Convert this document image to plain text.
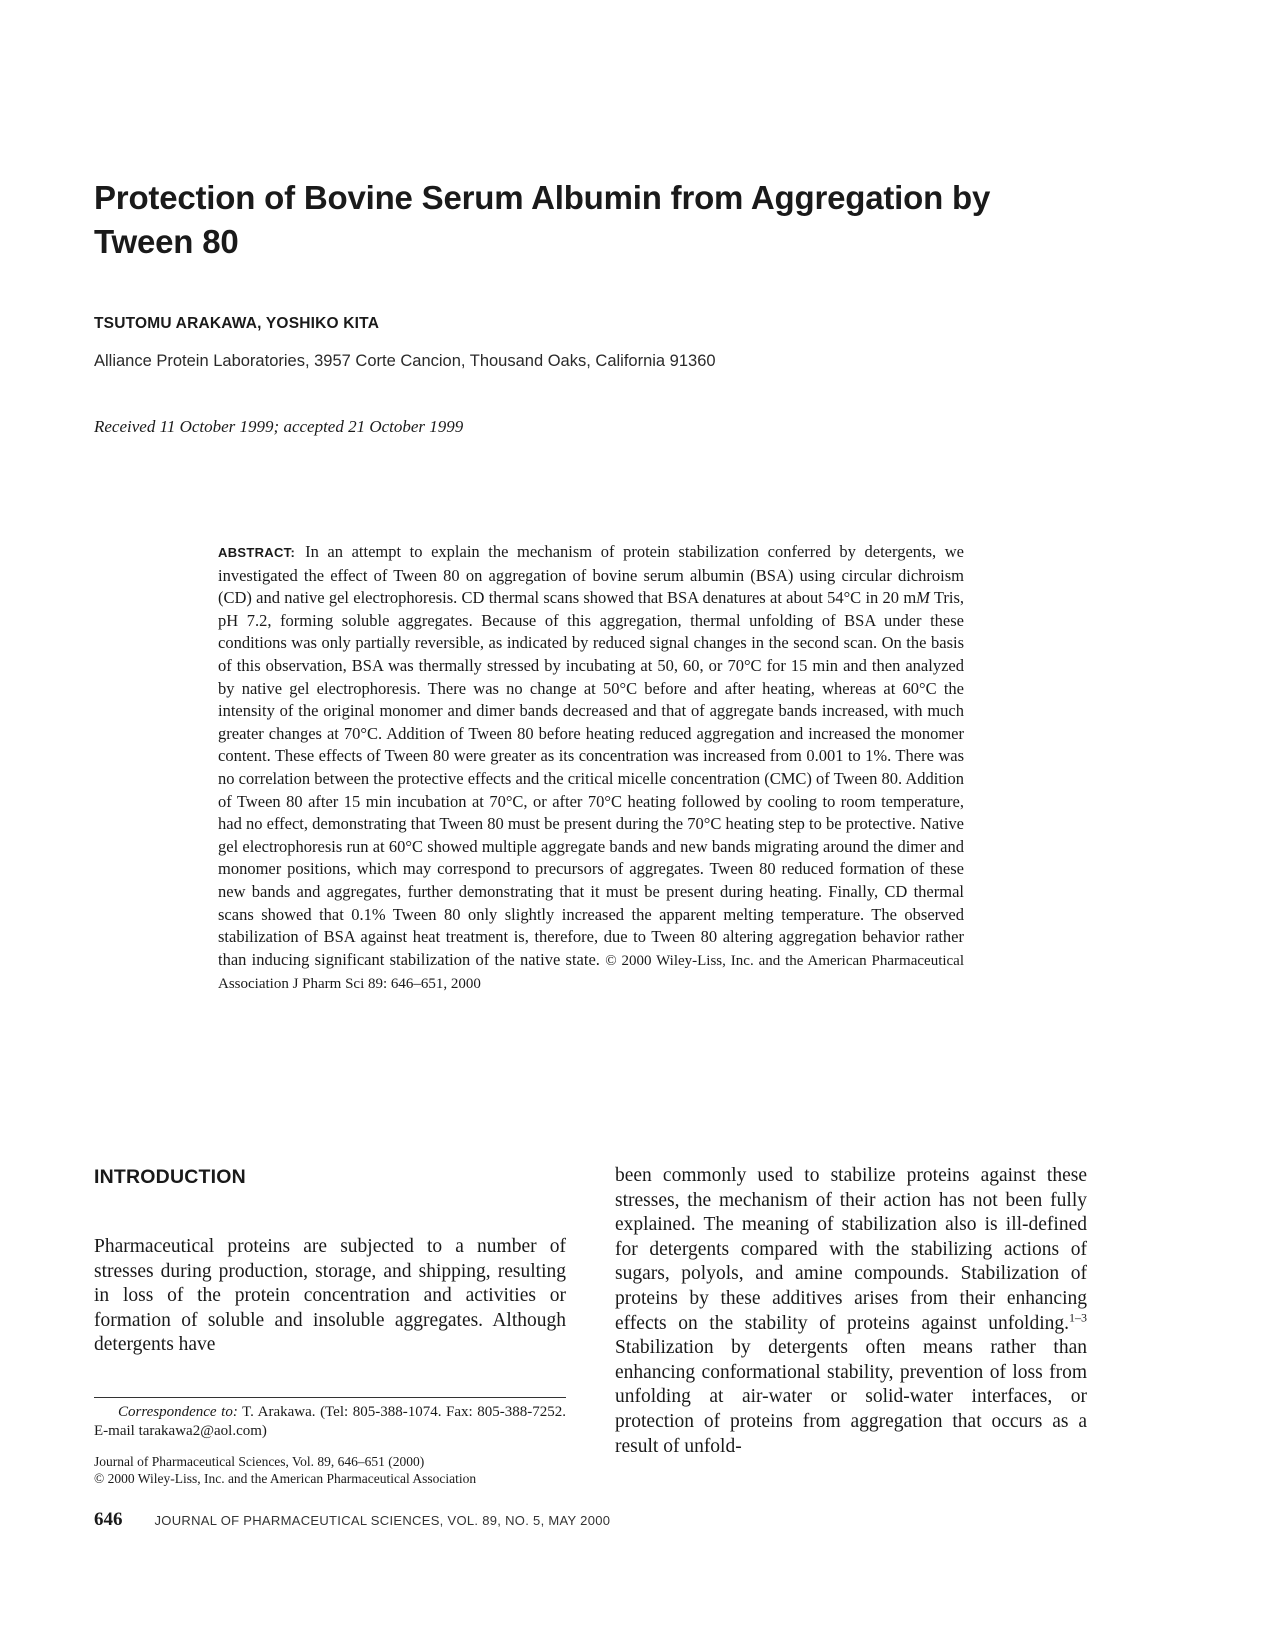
Protection of Bovine Serum Albumin from Aggregation by Tween 80

TSUTOMU ARAKAWA, YOSHIKO KITA

Alliance Protein Laboratories, 3957 Corte Cancion, Thousand Oaks, California 91360

Received 11 October 1999; accepted 21 October 1999

ABSTRACT: In an attempt to explain the mechanism of protein stabilization conferred by detergents, we investigated the effect of Tween 80 on aggregation of bovine serum albumin (BSA) using circular dichroism (CD) and native gel electrophoresis. CD thermal scans showed that BSA denatures at about 54°C in 20 mM Tris, pH 7.2, forming soluble aggregates. Because of this aggregation, thermal unfolding of BSA under these conditions was only partially reversible, as indicated by reduced signal changes in the second scan. On the basis of this observation, BSA was thermally stressed by incubating at 50, 60, or 70°C for 15 min and then analyzed by native gel electrophoresis. There was no change at 50°C before and after heating, whereas at 60°C the intensity of the original monomer and dimer bands decreased and that of aggregate bands increased, with much greater changes at 70°C. Addition of Tween 80 before heating reduced aggregation and increased the monomer content. These effects of Tween 80 were greater as its concentration was increased from 0.001 to 1%. There was no correlation between the protective effects and the critical micelle concentration (CMC) of Tween 80. Addition of Tween 80 after 15 min incubation at 70°C, or after 70°C heating followed by cooling to room temperature, had no effect, demonstrating that Tween 80 must be present during the 70°C heating step to be protective. Native gel electrophoresis run at 60°C showed multiple aggregate bands and new bands migrating around the dimer and monomer positions, which may correspond to precursors of aggregates. Tween 80 reduced formation of these new bands and aggregates, further demonstrating that it must be present during heating. Finally, CD thermal scans showed that 0.1% Tween 80 only slightly increased the apparent melting temperature. The observed stabilization of BSA against heat treatment is, therefore, due to Tween 80 altering aggregation behavior rather than inducing significant stabilization of the native state. © 2000 Wiley-Liss, Inc. and the American Pharmaceutical Association J Pharm Sci 89: 646–651, 2000

INTRODUCTION

Pharmaceutical proteins are subjected to a number of stresses during production, storage, and shipping, resulting in loss of the protein concentration and activities or formation of soluble and insoluble aggregates. Although detergents have

Correspondence to: T. Arakawa. (Tel: 805-388-1074. Fax: 805-388-7252. E-mail tarakawa2@aol.com)

Journal of Pharmaceutical Sciences, Vol. 89, 646–651 (2000)
© 2000 Wiley-Liss, Inc. and the American Pharmaceutical Association

been commonly used to stabilize proteins against these stresses, the mechanism of their action has not been fully explained. The meaning of stabilization also is ill-defined for detergents compared with the stabilizing actions of sugars, polyols, and amine compounds. Stabilization of proteins by these additives arises from their enhancing effects on the stability of proteins against unfolding.$^{1-3}$ Stabilization by detergents often means rather than enhancing conformational stability, prevention of loss from unfolding at air-water or solid-water interfaces, or protection of proteins from aggregation that occurs as a result of unfold-

646 JOURNAL OF PHARMACEUTICAL SCIENCES, VOL. 89, NO. 5, MAY 2000
